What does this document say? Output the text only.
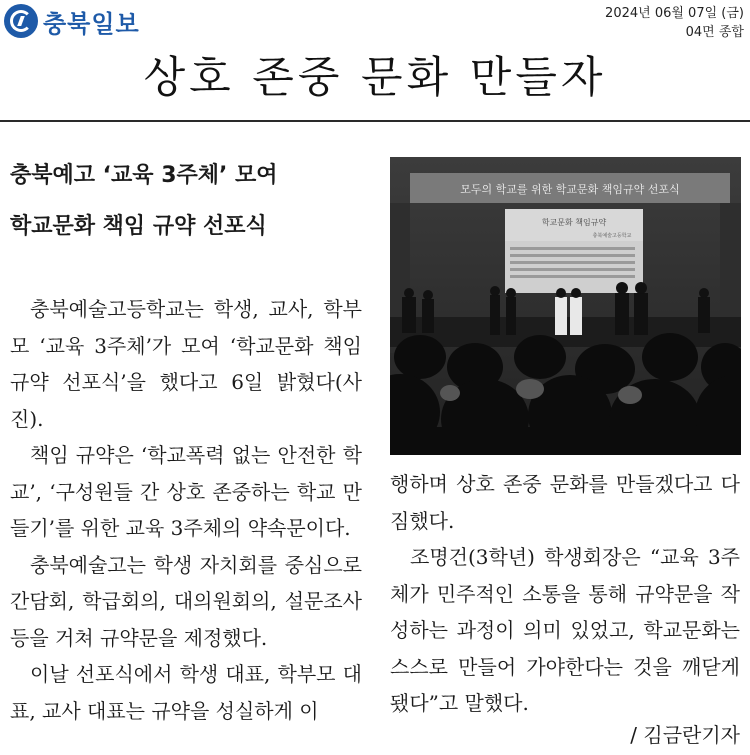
충북일보	2024년 06월 07일 (금)
04면 종합
상호 존중 문화 만들자
충북예고 ‘교육 3주체’ 모여
학교문화 책임 규약 선포식
모두의 학교를 위한 학교문화 책임규약 선포식
학교문화 책임규약
충북예술고등학교

충북예술고등학교는 학생, 교사, 학부모 ‘교육 3주체’가 모여 ‘학교문화 책임 규약 선포식’을 했다고 6일 밝혔다(사진).

책임 규약은 ‘학교폭력 없는 안전한 학교’, ‘구성원들 간 상호 존중하는 학교 만들기’를 위한 교육 3주체의 약속문이다.

충북예술고는 학생 자치회를 중심으로 간담회, 학급회의, 대의원회의, 설문조사 등을 거쳐 규약문을 제정했다.

이날 선포식에서 학생 대표, 학부모 대표, 교사 대표는 규약을 성실하게 이

행하며 상호 존중 문화를 만들겠다고 다짐했다.

조명건(3학년) 학생회장은 “교육 3주체가 민주적인 소통을 통해 규약문을 작성하는 과정이 의미 있었고, 학교문화는 스스로 만들어 가야한다는 것을 깨닫게 됐다”고 말했다.

/ 김금란기자
